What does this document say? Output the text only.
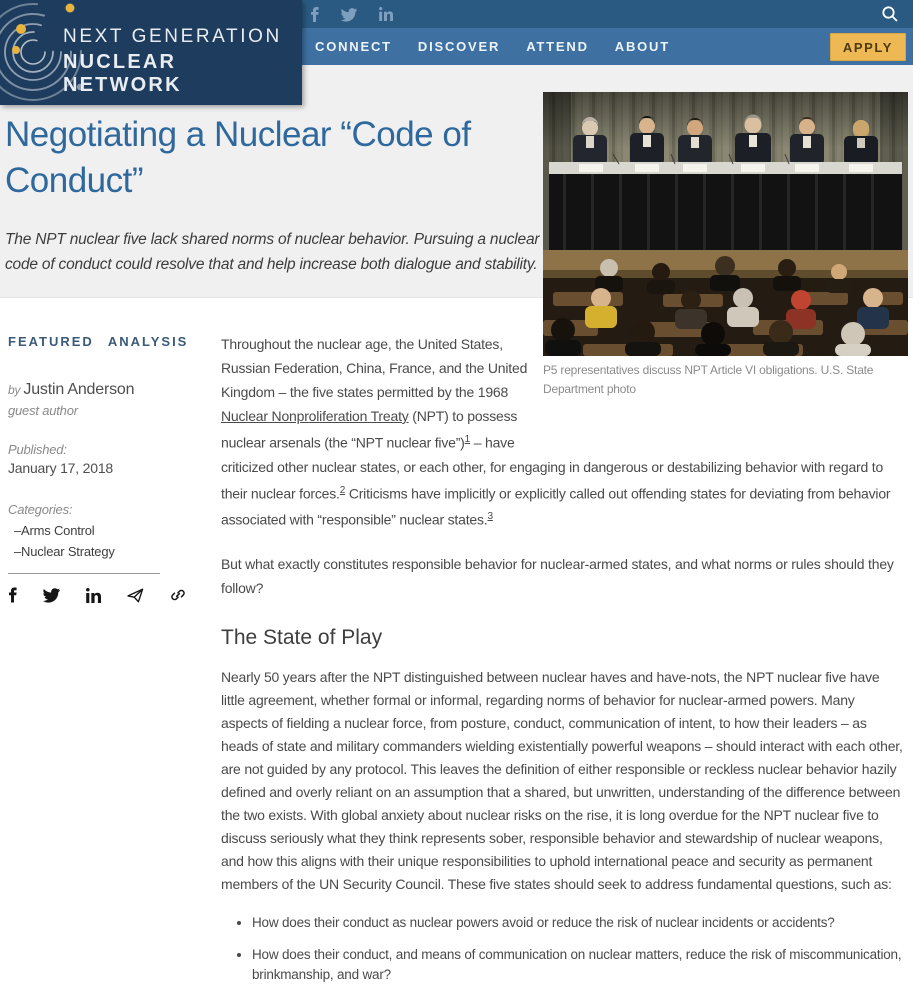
CONNECT DISCOVER ATTEND ABOUT	APPLY
NEXT GENERATION
NUCLEAR NETWORK
Negotiating a Nuclear “Code of Conduct”

The NPT nuclear five lack shared norms of nuclear behavior. Pursuing a nuclear code of conduct could resolve that and help increase both dialogue and stability.

P5 representatives discuss NPT Article VI obligations. U.S. State Department photo
FEATURED ANALYSIS
by Justin Anderson
guest author
Published:
January 17, 2018
Categories:
–Arms Control
–Nuclear Strategy

Throughout the nuclear age, the United States, Russian Federation, China, France, and the United Kingdom – the five states permitted by the 1968 Nuclear Nonproliferation Treaty (NPT) to possess nuclear arsenals (the “NPT nuclear five”)$^1$ – have criticized other nuclear states, or each other, for engaging in dangerous or destabilizing behavior with regard to their nuclear forces.$^2$ Criticisms have implicitly or explicitly called out offending states for deviating from behavior associated with “responsible” nuclear states.$^3$

But what exactly constitutes responsible behavior for nuclear-armed states, and what norms or rules should they follow?

The State of Play

Nearly 50 years after the NPT distinguished between nuclear haves and have-nots, the NPT nuclear five have little agreement, whether formal or informal, regarding norms of behavior for nuclear-armed powers. Many aspects of fielding a nuclear force, from posture, conduct, communication of intent, to how their leaders – as heads of state and military commanders wielding existentially powerful weapons – should interact with each other, are not guided by any protocol. This leaves the definition of either responsible or reckless nuclear behavior hazily defined and overly reliant on an assumption that a shared, but unwritten, understanding of the difference between the two exists. With global anxiety about nuclear risks on the rise, it is long overdue for the NPT nuclear five to discuss seriously what they think represents sober, responsible behavior and stewardship of nuclear weapons, and how this aligns with their unique responsibilities to uphold international peace and security as permanent members of the UN Security Council. These five states should seek to address fundamental questions, such as:

• How does their conduct as nuclear powers avoid or reduce the risk of nuclear incidents or accidents?
• How does their conduct, and means of communication on nuclear matters, reduce the risk of miscommunication, brinkmanship, and war?
